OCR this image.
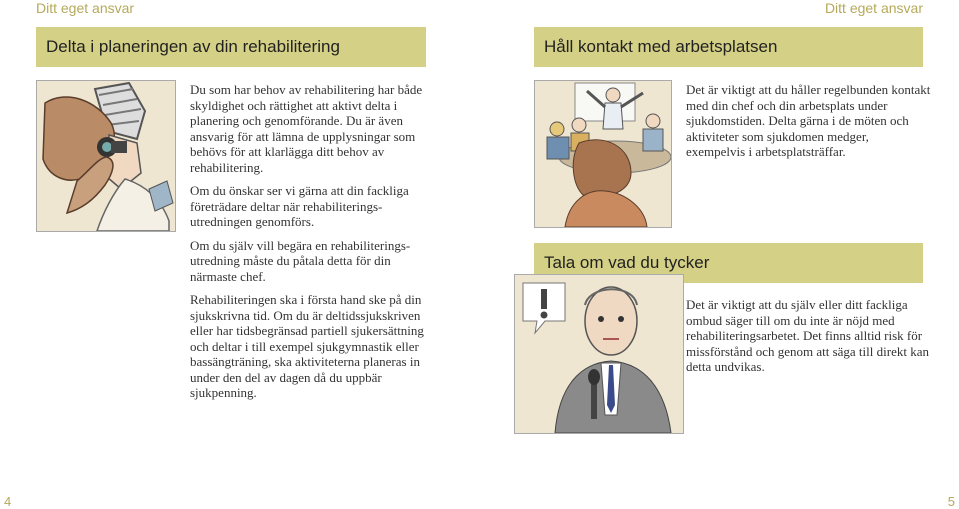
Ditt eget ansvar
Delta i planeringen av din rehabilitering

Du som har behov av rehabilitering har både skyldighet och rättighet att aktivt delta i planering och genomförande. Du är även ansvarig för att lämna de upplysningar som behövs för att klarlägga ditt behov av rehabilitering.

Om du önskar ser vi gärna att din fackliga företrädare deltar när rehabiliteringsutredningen genomförs.

Om du själv vill begära en rehabiliteringsutredning måste du påtala detta för din närmaste chef.

Rehabiliteringen ska i första hand ske på din sjukskrivna tid. Om du är deltidssjukskriven eller har tidsbegränsad partiell sjukersättning och deltar i till exempel sjukgymnastik eller bassängträning, ska aktiviteterna planeras in under den del av dagen då du uppbär sjukpenning.

4
Ditt eget ansvar
Håll kontakt med arbetsplatsen
Det är viktigt att du håller regelbunden kontakt med din chef och din arbetsplats under sjukdomstiden. Delta gärna i de möten och aktiviteter som sjukdomen medger, exempelvis i arbetsplatsträffar.
Tala om vad du tycker
Det är viktigt att du själv eller ditt fackliga ombud säger till om du inte är nöjd med rehabiliteringsarbetet. Det finns alltid risk för missförstånd och genom att säga till direkt kan detta undvikas.
5
